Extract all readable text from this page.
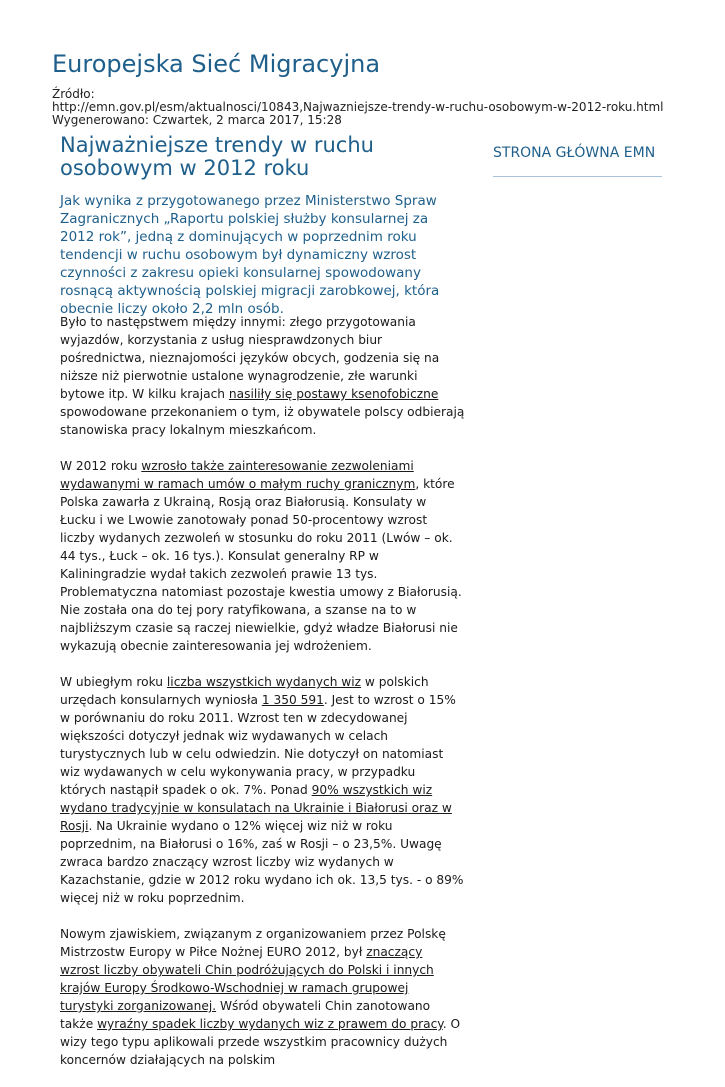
Europejska Sieć Migracyjna
Źródło:
http://emn.gov.pl/esm/aktualnosci/10843,Najwazniejsze-trendy-w-ruchu-osobowym-w-2012-roku.html
Wygenerowano: Czwartek, 2 marca 2017, 15:28
Najważniejsze trendy w ruchu osobowym w 2012 roku
STRONA GŁÓWNA EMN
Jak wynika z przygotowanego przez Ministerstwo Spraw Zagranicznych „Raportu polskiej służby konsularnej za 2012 rok”, jedną z dominujących w poprzednim roku tendencji w ruchu osobowym był dynamiczny wzrost czynności z zakresu opieki konsularnej spowodowany rosnącą aktywnością polskiej migracji zarobkowej, która obecnie liczy około 2,2 mln osób.

Było to następstwem między innymi: złego przygotowania wyjazdów, korzystania z usług niesprawdzonych biur pośrednictwa, nieznajomości języków obcych, godzenia się na niższe niż pierwotnie ustalone wynagrodzenie, złe warunki bytowe itp. W kilku krajach nasiliły się postawy ksenofobiczne spowodowane przekonaniem o tym, iż obywatele polscy odbierają stanowiska pracy lokalnym mieszkańcom.

W 2012 roku wzrosło także zainteresowanie zezwoleniami wydawanymi w ramach umów o małym ruchy granicznym, które Polska zawarła z Ukrainą, Rosją oraz Białorusią. Konsulaty w Łucku i we Lwowie zanotowały ponad 50-procentowy wzrost liczby wydanych zezwoleń w stosunku do roku 2011 (Lwów – ok. 44 tys., Łuck – ok. 16 tys.). Konsulat generalny RP w Kaliningradzie wydał takich zezwoleń prawie 13 tys. Problematyczna natomiast pozostaje kwestia umowy z Białorusią. Nie została ona do tej pory ratyfikowana, a szanse na to w najbliższym czasie są raczej niewielkie, gdyż władze Białorusi nie wykazują obecnie zainteresowania jej wdrożeniem.

W ubiegłym roku liczba wszystkich wydanych wiz w polskich urzędach konsularnych wyniosła 1 350 591. Jest to wzrost o 15% w porównaniu do roku 2011. Wzrost ten w zdecydowanej większości dotyczył jednak wiz wydawanych w celach turystycznych lub w celu odwiedzin. Nie dotyczył on natomiast wiz wydawanych w celu wykonywania pracy, w przypadku których nastąpił spadek o ok. 7%. Ponad 90% wszystkich wiz wydano tradycyjnie w konsulatach na Ukrainie i Białorusi oraz w Rosji. Na Ukrainie wydano o 12% więcej wiz niż w roku poprzednim, na Białorusi o 16%, zaś w Rosji – o 23,5%. Uwagę zwraca bardzo znaczący wzrost liczby wiz wydanych w Kazachstanie, gdzie w 2012 roku wydano ich ok. 13,5 tys. - o 89% więcej niż w roku poprzednim.

Nowym zjawiskiem, związanym z organizowaniem przez Polskę Mistrzostw Europy w Piłce Nożnej EURO 2012, był znaczący wzrost liczby obywateli Chin podróżujących do Polski i innych krajów Europy Środkowo-Wschodniej w ramach grupowej turystyki zorganizowanej. Wśród obywateli Chin zanotowano także wyraźny spadek liczby wydanych wiz z prawem do pracy. O wizy tego typu aplikowali przede wszystkim pracownicy dużych koncernów działających na polskim
